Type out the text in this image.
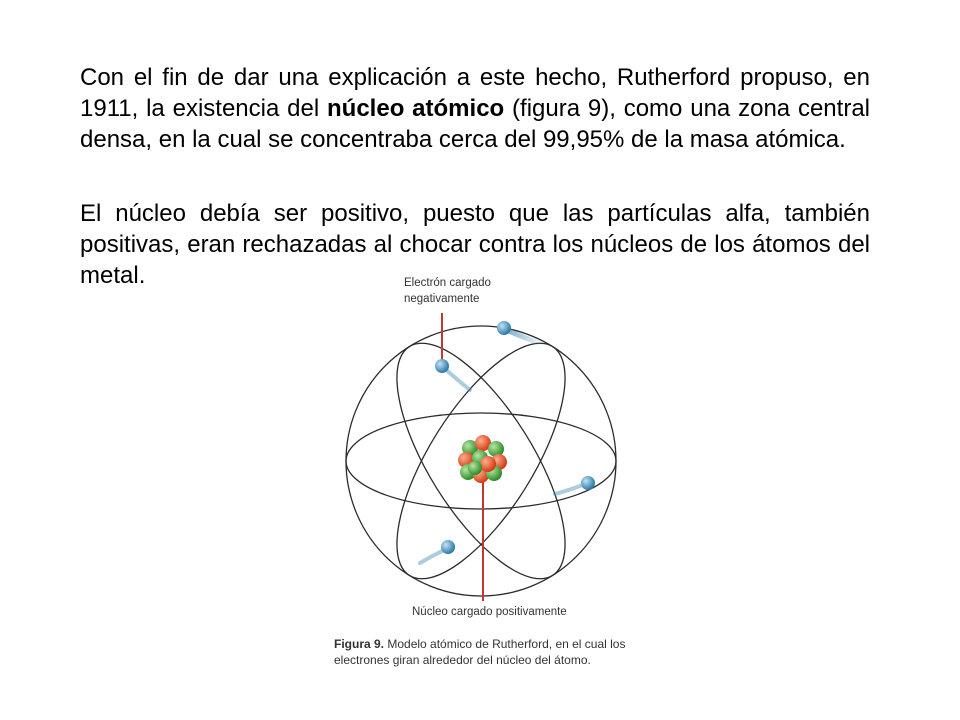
Con el fin de dar una explicación a este hecho, Rutherford propuso, en 1911, la existencia del núcleo atómico (figura 9), como una zona central densa, en la cual se concentraba cerca del 99,95% de la masa atómica.

El núcleo debía ser positivo, puesto que las partículas alfa, también positivas, eran rechazadas al chocar contra los núcleos de los átomos del metal.	Electrón cargado
negativamente
Núcleo cargado positivamente
Figura 9. Modelo atómico de Rutherford, en el cual los electrones giran alrededor del núcleo del átomo.
